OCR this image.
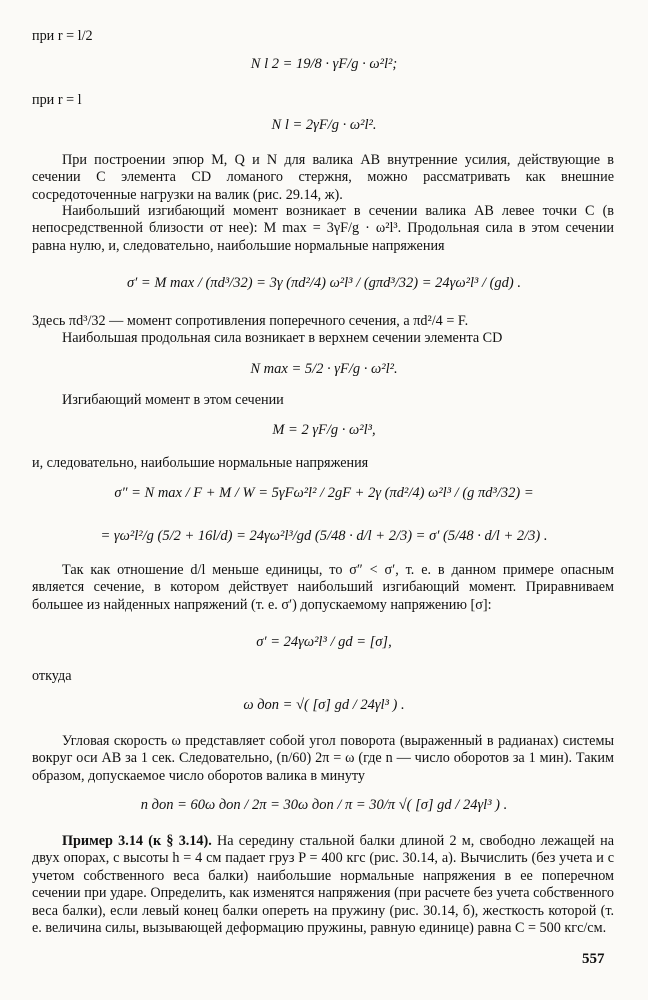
при r = l/2
N l 2 = 19/8 · γF/g · ω²l²;
при r = l
N l = 2γF/g · ω²l².
При построении эпюр M, Q и N для валика AB внутренние усилия, действующие в сечении C элемента CD ломаного стержня, можно рассматривать как внешние сосредоточенные нагрузки на валик (рис. 29.14, ж).
Наибольший изгибающий момент возникает в сечении валика AB левее точки C (в непосредственной близости от нее): M max = 3γF/g · ω²l³. Продольная сила в этом сечении равна нулю, и, следовательно, наибольшие нормальные напряжения
σ′ = M max / (πd³/32) = 3γ (πd²/4) ω²l³ / (gπd³/32) = 24γω²l³ / (gd) .
Здесь πd³/32 — момент сопротивления поперечного сечения, а πd²/4 = F.
Наибольшая продольная сила возникает в верхнем сечении элемента CD
N max = 5/2 · γF/g · ω²l².
Изгибающий момент в этом сечении
M = 2 γF/g · ω²l³,
и, следовательно, наибольшие нормальные напряжения
σ″ = N max / F + M / W = 5γFω²l² / 2gF + 2γ (πd²/4) ω²l³ / (g πd³/32) =
= γω²l²/g (5/2 + 16l/d) = 24γω²l³/gd (5/48 · d/l + 2/3) = σ′ (5/48 · d/l + 2/3) .
Так как отношение d/l меньше единицы, то σ″ < σ′, т. е. в данном примере опасным является сечение, в котором действует наибольший изгибающий момент. Приравниваем большее из найденных напряжений (т. е. σ′) допускаемому напряжению [σ]:
σ′ = 24γω²l³ / gd = [σ],
откуда
ω доп = √( [σ] gd / 24γl³ ) .
Угловая скорость ω представляет собой угол поворота (выраженный в радианах) системы вокруг оси AB за 1 сек. Следовательно, (n/60) 2π = ω (где n — число оборотов за 1 мин). Таким образом, допускаемое число оборотов валика в минуту
n доп = 60ω доп / 2π = 30ω доп / π = 30/π √( [σ] gd / 24γl³ ) .
Пример 3.14 (к § 3.14). На середину стальной балки длиной 2 м, свободно лежащей на двух опорах, с высоты h = 4 см падает груз P = 400 кгс (рис. 30.14, а). Вычислить (без учета и с учетом собственного веса балки) наибольшие нормальные напряжения в ее поперечном сечении при ударе. Определить, как изменятся напряжения (при расчете без учета собственного веса балки), если левый конец балки опереть на пружину (рис. 30.14, б), жесткость которой (т. е. величина силы, вызывающей деформацию пружины, равную единице) равна C = 500 кгс/см.
557
